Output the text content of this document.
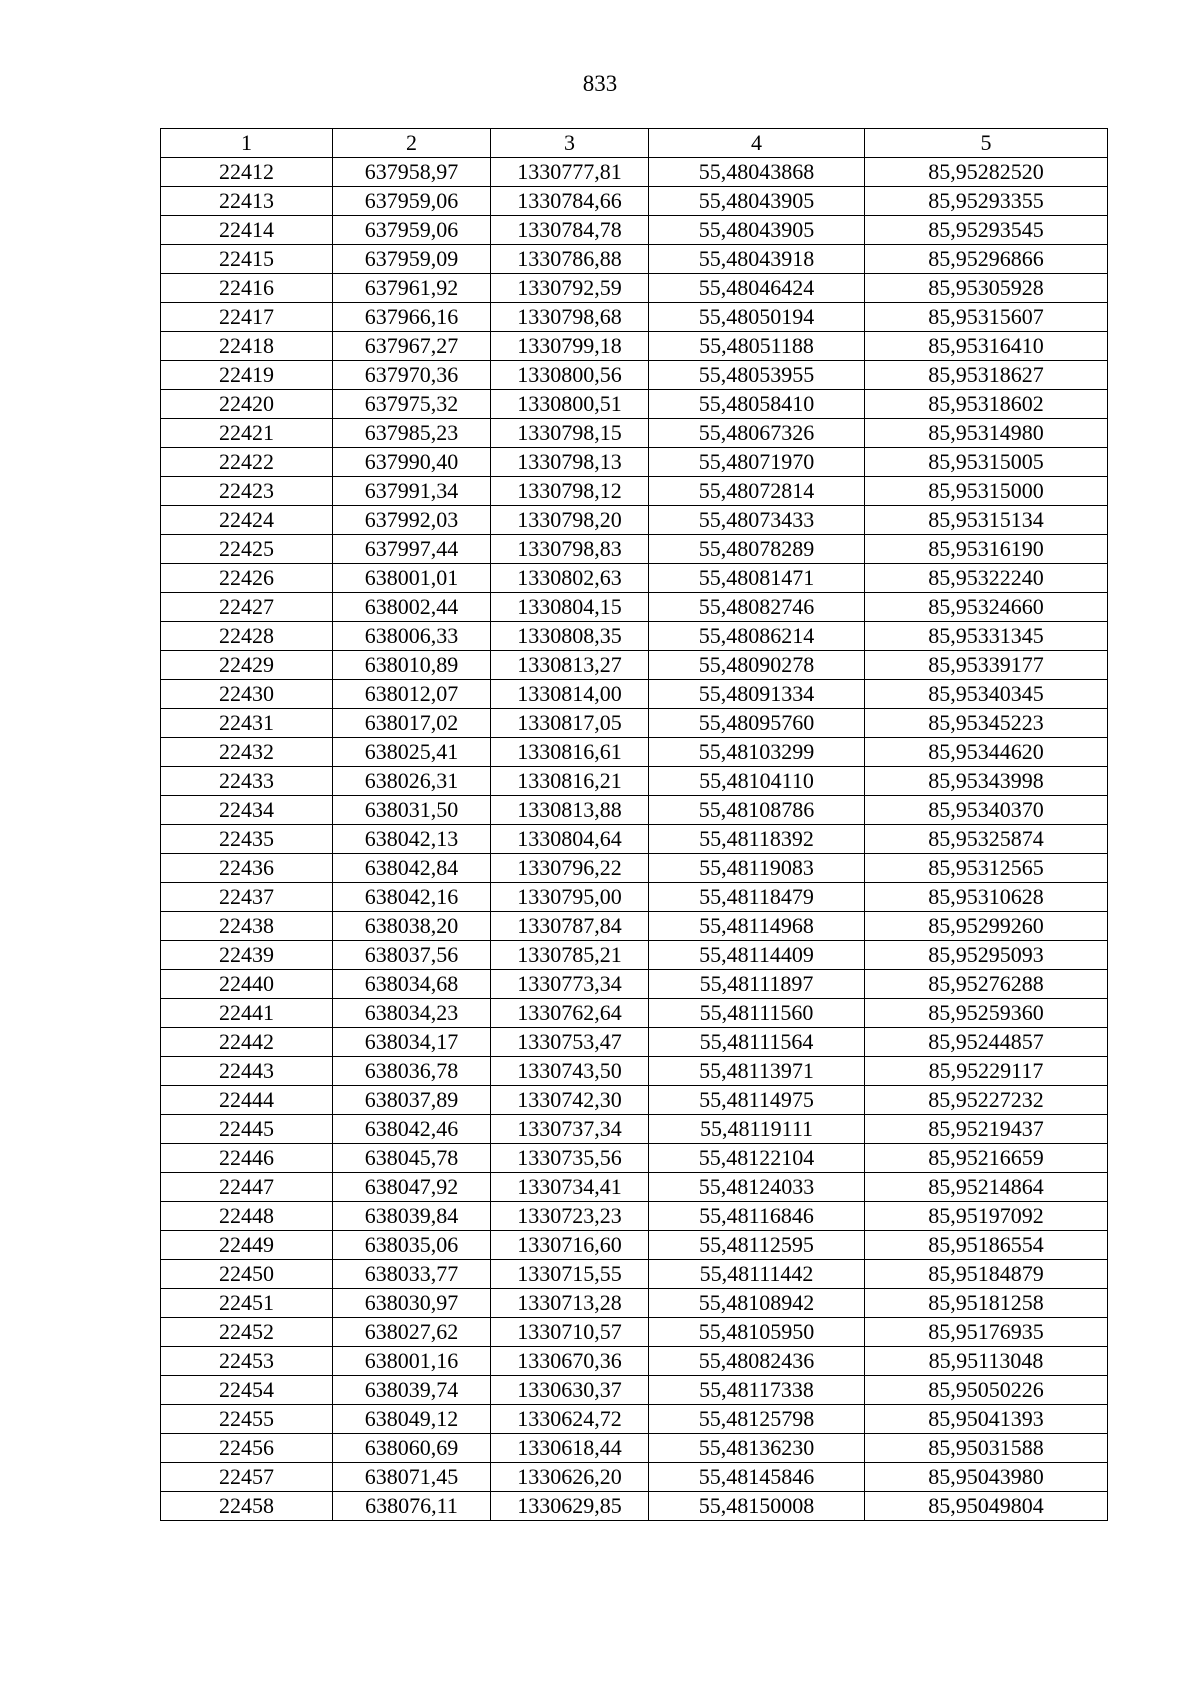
833
1	2	3	4	5
22412	637958,97	1330777,81	55,48043868	85,95282520
22413	637959,06	1330784,66	55,48043905	85,95293355
22414	637959,06	1330784,78	55,48043905	85,95293545
22415	637959,09	1330786,88	55,48043918	85,95296866
22416	637961,92	1330792,59	55,48046424	85,95305928
22417	637966,16	1330798,68	55,48050194	85,95315607
22418	637967,27	1330799,18	55,48051188	85,95316410
22419	637970,36	1330800,56	55,48053955	85,95318627
22420	637975,32	1330800,51	55,48058410	85,95318602
22421	637985,23	1330798,15	55,48067326	85,95314980
22422	637990,40	1330798,13	55,48071970	85,95315005
22423	637991,34	1330798,12	55,48072814	85,95315000
22424	637992,03	1330798,20	55,48073433	85,95315134
22425	637997,44	1330798,83	55,48078289	85,95316190
22426	638001,01	1330802,63	55,48081471	85,95322240
22427	638002,44	1330804,15	55,48082746	85,95324660
22428	638006,33	1330808,35	55,48086214	85,95331345
22429	638010,89	1330813,27	55,48090278	85,95339177
22430	638012,07	1330814,00	55,48091334	85,95340345
22431	638017,02	1330817,05	55,48095760	85,95345223
22432	638025,41	1330816,61	55,48103299	85,95344620
22433	638026,31	1330816,21	55,48104110	85,95343998
22434	638031,50	1330813,88	55,48108786	85,95340370
22435	638042,13	1330804,64	55,48118392	85,95325874
22436	638042,84	1330796,22	55,48119083	85,95312565
22437	638042,16	1330795,00	55,48118479	85,95310628
22438	638038,20	1330787,84	55,48114968	85,95299260
22439	638037,56	1330785,21	55,48114409	85,95295093
22440	638034,68	1330773,34	55,48111897	85,95276288
22441	638034,23	1330762,64	55,48111560	85,95259360
22442	638034,17	1330753,47	55,48111564	85,95244857
22443	638036,78	1330743,50	55,48113971	85,95229117
22444	638037,89	1330742,30	55,48114975	85,95227232
22445	638042,46	1330737,34	55,48119111	85,95219437
22446	638045,78	1330735,56	55,48122104	85,95216659
22447	638047,92	1330734,41	55,48124033	85,95214864
22448	638039,84	1330723,23	55,48116846	85,95197092
22449	638035,06	1330716,60	55,48112595	85,95186554
22450	638033,77	1330715,55	55,48111442	85,95184879
22451	638030,97	1330713,28	55,48108942	85,95181258
22452	638027,62	1330710,57	55,48105950	85,95176935
22453	638001,16	1330670,36	55,48082436	85,95113048
22454	638039,74	1330630,37	55,48117338	85,95050226
22455	638049,12	1330624,72	55,48125798	85,95041393
22456	638060,69	1330618,44	55,48136230	85,95031588
22457	638071,45	1330626,20	55,48145846	85,95043980
22458	638076,11	1330629,85	55,48150008	85,95049804
